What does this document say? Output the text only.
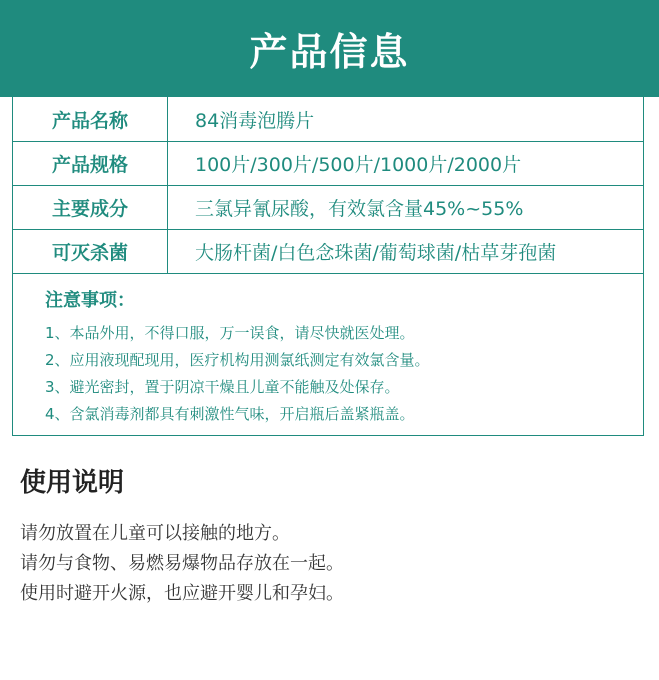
产品信息
产品名称	84消毒泡腾片
产品规格	100片/300片/500片/1000片/2000片
主要成分	三氯异氰尿酸，有效氯含量45%~55%
可灭杀菌	大肠杆菌/白色念珠菌/葡萄球菌/枯草芽孢菌
注意事项：
1、本品外用，不得口服，万一误食，请尽快就医处理。
2、应用液现配现用，医疗机构用测氯纸测定有效氯含量。
3、避光密封，置于阴凉干燥且儿童不能触及处保存。
4、含氯消毒剂都具有刺激性气味，开启瓶后盖紧瓶盖。
使用说明
请勿放置在儿童可以接触的地方。
请勿与食物、易燃易爆物品存放在一起。
使用时避开火源，也应避开婴儿和孕妇。
